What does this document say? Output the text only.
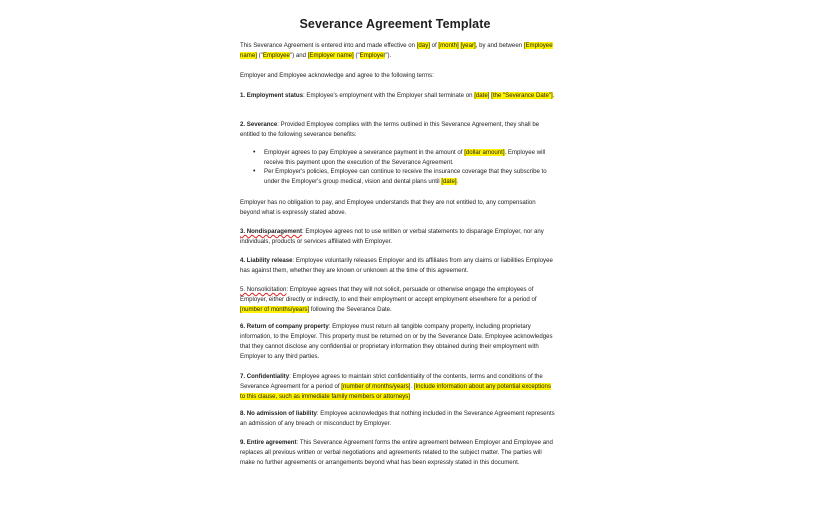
Severance Agreement Template

This Severance Agreement is entered into and made effective on [day] of [month] [year], by and between [Employee name] ("Employee") and [Employer name] ("Employer").

Employer and Employee acknowledge and agree to the following terms:

1. Employment status: Employee's employment with the Employer shall terminate on [date] [the "Severance Date"].

2. Severance: Provided Employee complies with the terms outlined in this Severance Agreement, they shall be entitled to the following severance benefits:

• Employer agrees to pay Employee a severance payment in the amount of [dollar amount]. Employee will receive this payment upon the execution of the Severance Agreement.

• Per Employer's policies, Employee can continue to receive the insurance coverage that they subscribe to under the Employer's group medical, vision and dental plans until [date].

Employer has no obligation to pay, and Employee understands that they are not entitled to, any compensation beyond what is expressly stated above.

3. Nondisparagement: Employee agrees not to use written or verbal statements to disparage Employer, nor any individuals, products or services affiliated with Employer.

4. Liability release: Employee voluntarily releases Employer and its affiliates from any claims or liabilities Employee has against them, whether they are known or unknown at the time of this agreement.

5. Nonsolicitation: Employee agrees that they will not solicit, persuade or otherwise engage the employees of Employer, either directly or indirectly, to end their employment or accept employment elsewhere for a period of [number of months/years] following the Severance Date.

6. Return of company property: Employee must return all tangible company property, including proprietary information, to the Employer. This property must be returned on or by the Severance Date. Employee acknowledges that they cannot disclose any confidential or proprietary information they obtained during their employment with Employer to any third parties.

7. Confidentiality: Employee agrees to maintain strict confidentiality of the contents, terms and conditions of the Severance Agreement for a period of [number of months/years]. [Include information about any potential exceptions to this clause, such as immediate family members or attorneys]

8. No admission of liability: Employee acknowledges that nothing included in the Severance Agreement represents an admission of any breach or misconduct by Employer.

9. Entire agreement: This Severance Agreement forms the entire agreement between Employer and Employee and replaces all previous written or verbal negotiations and agreements related to the subject matter. The parties will make no further agreements or arrangements beyond what has been expressly stated in this document.
